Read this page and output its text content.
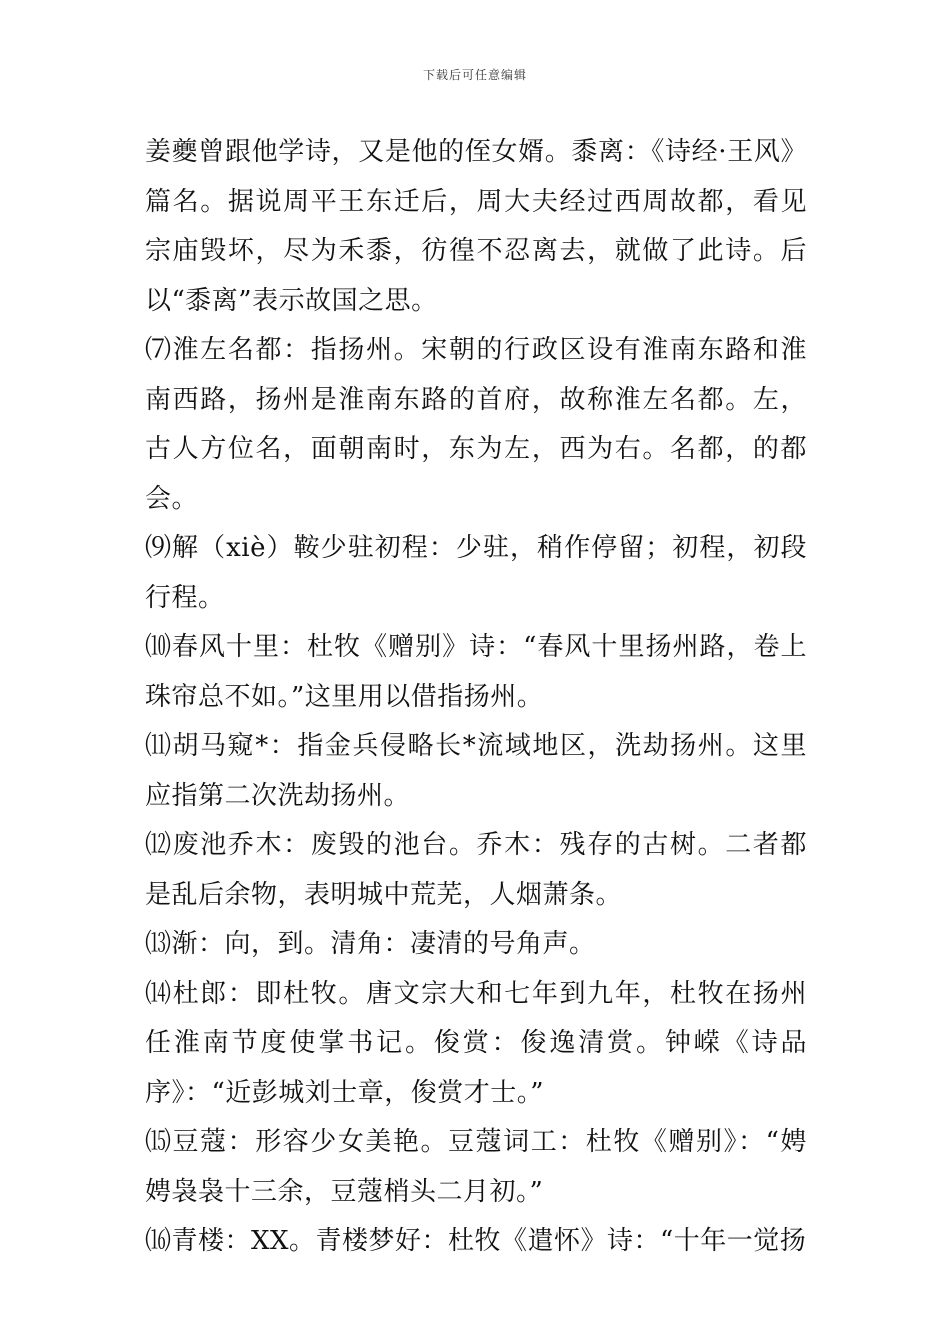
下载后可任意编辑

姜夔曾跟他学诗，又是他的侄女婿。黍离：《诗经·王风》篇名。据说周平王东迁后，周大夫经过西周故都，看见宗庙毁坏，尽为禾黍，彷徨不忍离去，就做了此诗。后以“黍离”表示故国之思。

⑺淮左名都：指扬州。宋朝的行政区设有淮南东路和淮南西路，扬州是淮南东路的首府，故称淮左名都。左，古人方位名，面朝南时，东为左，西为右。名都，的都会。

⑼解（xiè）鞍少驻初程：少驻，稍作停留；初程，初段行程。

⑽春风十里：杜牧《赠别》诗：“春风十里扬州路，卷上珠帘总不如。”这里用以借指扬州。

⑾胡马窥*：指金兵侵略长*流域地区，洗劫扬州。这里应指第二次洗劫扬州。

⑿废池乔木：废毁的池台。乔木：残存的古树。二者都是乱后余物，表明城中荒芜，人烟萧条。

⒀渐：向，到。清角：凄清的号角声。

⒁杜郎：即杜牧。唐文宗大和七年到九年，杜牧在扬州任淮南节度使掌书记。俊赏：俊逸清赏。钟嵘《诗品序》：“近彭城刘士章，俊赏才士。”

⒂豆蔻：形容少女美艳。豆蔻词工：杜牧《赠别》：“娉娉袅袅十三余，豆蔻梢头二月初。”

⒃青楼：XX。青楼梦好：杜牧《遣怀》诗：“十年一觉扬
